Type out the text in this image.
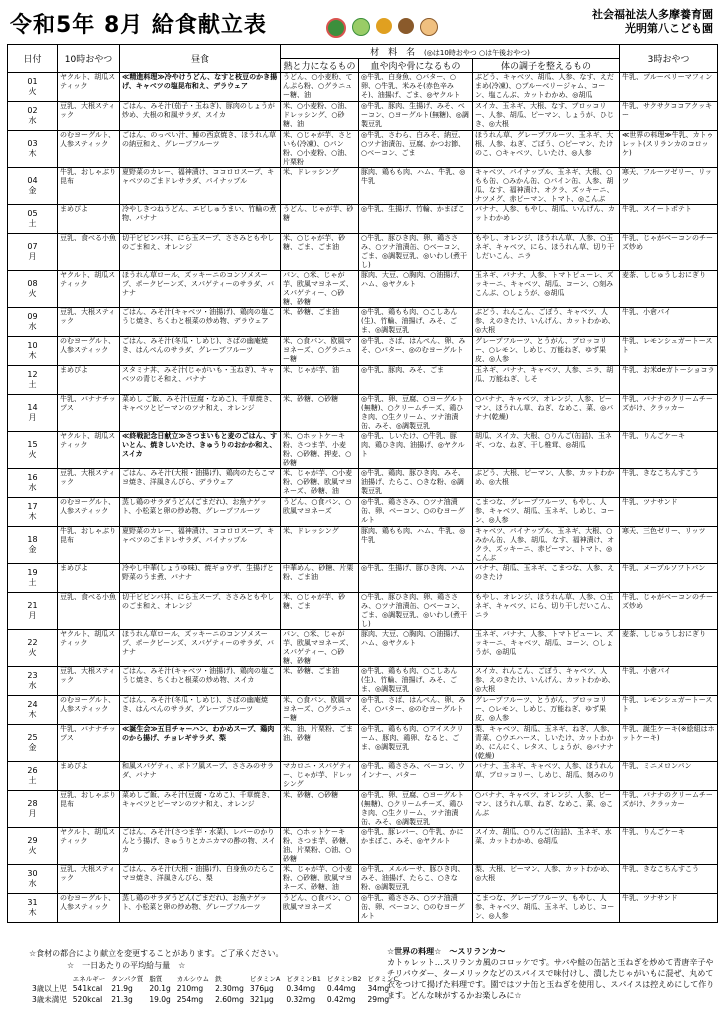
令和5年 8月 給食献立表	社会福祉法人多摩養育園
光明第八こども園
日付	10時おやつ	昼食	材　料　名 (◎は10時おやつ ○は午後おやつ)			3時おやつ
			熱と力になるもの	血や肉や骨になるもの	体の調子を整えるもの	

01
火	ヤクルト、胡瓜スティック	≪精進料理≫冷やけうどん、なすと枝豆のかき揚げ、キャベツの塩昆布和え、デラウェア	うどん、○小麦粉、てんぷら粉、○グラニュー糖、油	◎牛乳、白身魚、○バター、○卵、○牛乳、米みそ(赤色辛みそ)、油揚げ、ごま、◎ヤクルト	ぶどう、キャベツ、胡瓜、人参、なす、えだまめ(冷凍)、○ブルーベリージャム、コーン、塩こんぶ、カットわかめ、◎胡瓜	牛乳、ブルーベリーマフィン

02
水	豆乳、大根スティック	ごはん、みそ汁(茄子・玉ねぎ)、豚肉のしょうが炒め、大根の和風サラダ、スイカ	米、○小麦粉、○油、ドレッシング、○砂糖、油	◎牛乳、豚肉、生揚げ、みそ、ベーコン、○ヨーグルト(無糖)、◎調製豆乳	スイカ、玉ネギ、大根、なす、ブロッコリー、人参、胡瓜、ピーマン、しょうが、ひじき、◎大根	牛乳、サクサクココアクッキー

03
木	のむヨーグルト、人参スティック	ごはん、のっぺい汁、鰆の西京焼き、ほうれん草の納豆和え、グレープフルーツ	米、○じゃが芋、さといも(冷凍)、○パン粉、○小麦粉、○油、片栗粉	◎牛乳、さわら、白みそ、納豆、○ツナ油漬缶、豆腐、かつお節、○ベーコン、ごま	ほうれん草、グレープフルーツ、玉ネギ、大根、人参、ねぎ、ごぼう、○ピーマン、たけのこ、○キャベツ、しいたけ、◎人参	≪世界の料理≫牛乳、カトゥレット(スリランカのコロッケ)

04
金	牛乳、おしゃぶり昆布	夏野菜のカレー、福神漬け、ココロロスープ、キャベツのごまドレサラダ、パイナップル	米、ドレッシング	豚肉、鶏もも肉、ハム、牛乳、◎牛乳	キャベツ、パイナップル、玉ネギ、大根、○もも缶、○みかん缶、○パイン缶、人参、胡瓜、なす、福神漬け、オクラ、ズッキーニ、ナツメグ、赤ピーマン、トマト、◎こんぶ	寒天、フルーツゼリー、リッツ

05
土	まめぴよ	冷やしきつねうどん、エビしゅうまい、竹輪の煮物、バナナ	うどん、じゃが芋、砂糖	◎牛乳、生揚げ、竹輪、かまぼこ	バナナ、人参、もやし、胡瓜、いんげん、カットわかめ	牛乳、スイートポテト

07
月	豆乳、食べる小魚	切干ビビンバ丼、にら玉スープ、ささみともやしのごま和え、オレンジ	米、○じゃが芋、砂糖、ごま、ごま油	○牛乳、豚ひき肉、卵、鶏ささみ、○ツナ油漬缶、○ベーコン、ごま、◎調製豆乳、◎いわし(煮干し)	もやし、オレンジ、ほうれん草、人参、○玉ネギ、キャベツ、にら、ほうれん草、切り干しだいこん、ニラ	牛乳、じゃがベーコンのチーズ炒め

08
火	ヤクルト、胡瓜スティック	ほうれん草ロール、ズッキーニのコンソメスープ、ポークビーンズ、スパゲティーのサラダ、バナナ	パン、○米、じゃが芋、欧風マヨネーズ、スパゲティー、○砂糖、砂糖	豚肉、大豆、○胸肉、○油揚げ、ハム、◎ヤクルト	玉ネギ、バナナ、人参、トマトピューレ、ズッキーニ、キャベツ、胡瓜、コーン、○刻みこんぶ、○しょうが、◎胡瓜	麦茶、しじゅうしおにぎり

09
水	豆乳、大根スティック	ごはん、みそ汁(キャベツ・油揚げ)、鶏肉の塩こうじ焼き、ちくわと根菜の炒め物、デラウェア	米、砂糖、ごま油	◎牛乳、鶏もも肉、○こしあん(生)、竹輪、油揚げ、みそ、ごま、◎調製豆乳	ぶどう、れんこん、ごぼう、キャベツ、人参、えのきたけ、いんげん、カットわかめ、◎大根	牛乳、小倉パイ

10
木	のむヨーグルト、人参スティック	ごはん、みそ汁(冬瓜・しめじ)、さばの幽庵焼き、はんぺんのサラダ、グレープフルーツ	米、○食パン、欧風マヨネーズ、○グラニュー糖	◎牛乳、さば、はんぺん、卵、みそ、○バター、◎のむヨーグルト	グレープフルーツ、とうがん、ブロッコリー、○レモン、しめじ、万能ねぎ、ゆず果皮、◎人参	牛乳、レモンシュガートースト

12
土	まめぴよ	スタミナ丼、みそ汁(じゃがいも・玉ねぎ)、キャベツの青じそ和え、バナナ	米、じゃが芋、油	◎牛乳、豚肉、みそ、ごま	玉ネギ、バナナ、キャベツ、人参、ニラ、胡瓜、万能ねぎ、しそ	牛乳、お米deガトーショコラ

14
月	牛乳、バナナチップス	菜めし ご飯、みそ汁(豆腐・なめこ)、千草焼き、キャベツとピーマンのツナ和え、オレンジ	米、砂糖、○砂糖	◎牛乳、卵、豆腐、○ヨーグルト(無糖)、○クリームチーズ、鶏ひき肉、○生クリーム、ツナ油漬缶、みそ、◎調製豆乳	○バナナ、キャベツ、オレンジ、人参、ピーマン、ほうれん草、ねぎ、なめこ、菜、◎バナナ(乾燥)	牛乳、バナナのクリームチーズがけ、クラッカー

15
火	ヤクルト、胡瓜スティック	≪終戦記念日献立≫さつまいもと麦のごはん、すいとん、焼きしいたけ、きゅうりのおかか和え、スイカ	米、○ホットケーキ粉、さつま芋、小麦粉、○砂糖、押麦、○砂糖	◎牛乳、しいたけ、○牛乳、豚肉、鶏ひき肉、油揚げ、◎ヤクルト	胡瓜、スイカ、大根、○りんご(缶詰)、玉ネギ、つな、ねぎ、干し椎茸、◎胡瓜	牛乳、りんごケーキ

16
水	豆乳、大根スティック	ごはん、みそ汁(大根・油揚げ)、鶏肉のたらこマヨ焼き、洋風きんぴら、デラウェア	米、じゃが芋、○小麦粉、○砂糖、欧風マヨネーズ、砂糖、油	◎牛乳、鶏肉、豚ひき肉、みそ、油揚げ、たらこ、○きな粉、◎調製豆乳	ぶどう、大根、ピーマン、人参、カットわかめ、◎大根	牛乳、きなこちんすこう

17
木	のむヨーグルト、人参スティック	蒸し鶏のサラダうどん(ごまだれ)、お魚ナゲット、小松菜と卵の炒め物、グレープフルーツ	うどん、○食パン、○欧風マヨネーズ	◎牛乳、鶏ささみ、○ツナ油漬缶、卵、ベーコン、○のむヨーグルト	こまつな、グレープフルーツ、もやし、人参、キャベツ、胡瓜、玉ネギ、しめじ、コーン、◎人参	牛乳、ツナサンド

18
金	牛乳、おしゃぶり昆布	夏野菜のカレー、福神漬け、ココロロスープ、キャベツのごまドレサラダ、パイナップル	米、ドレッシング	豚肉、鶏もも肉、ハム、牛乳、◎牛乳	キャベツ、パイナップル、玉ネギ、大根、○みかん缶、人参、胡瓜、なす、福神漬け、オクラ、ズッキーニ、赤ピーマン、トマト、◎こんぶ	寒天、三色ゼリー、リッツ

19
土	まめぴよ	冷やし中華(しょうゆ味)、焼ギョウザ、生揚げと野菜のうま煮、バナナ	中華めん、砂糖、片栗粉、ごま油	◎牛乳、生揚げ、豚ひき肉、ハム	バナナ、胡瓜、玉ネギ、こまつな、人参、えのきたけ	牛乳、メープルソフトパン

21
月	豆乳、食べる小魚	切干ビビンバ丼、にら玉スープ、ささみともやしのごま和え、オレンジ	米、○じゃが芋、砂糖、ごま	○牛乳、豚ひき肉、卵、鶏ささみ、○ツナ油漬缶、○ベーコン、ごま、◎調製豆乳、◎いわし(煮干し)	もやし、オレンジ、ほうれん草、人参、○玉ネギ、キャベツ、にら、切り干しだいこん、ニラ	牛乳、じゃがベーコンのチーズ炒め

22
火	ヤクルト、胡瓜スティック	ほうれん草ロール、ズッキーニのコンソメスープ、ポークビーンズ、スパゲティーのサラダ、バナナ	パン、○米、じゃが芋、欧風マヨネーズ、スパゲティー、○砂糖、砂糖	豚肉、大豆、○胸肉、○油揚げ、ハム、◎ヤクルト	玉ネギ、バナナ、人参、トマトピューレ、ズッキーニ、キャベツ、胡瓜、コーン、○しょうが、◎胡瓜	麦茶、しじゅうしおにぎり

23
水	豆乳、大根スティック	ごはん、みそ汁(キャベツ・油揚げ)、鶏肉の塩こうじ焼き、ちくわと根菜の炒め物、スイカ	米、砂糖、ごま油	◎牛乳、鶏もも肉、○こしあん(生)、竹輪、油揚げ、みそ、ごま、◎調製豆乳	スイカ、れんこん、ごぼう、キャベツ、人参、えのきたけ、いんげん、カットわかめ、◎大根	牛乳、小倉パイ

24
木	のむヨーグルト、人参スティック	ごはん、みそ汁(冬瓜・しめじ)、さばの幽庵焼き、はんぺんのサラダ、グレープフルーツ	米、○食パン、欧風マヨネーズ、○グラニュー糖	◎牛乳、さば、はんぺん、卵、みそ、○バター、◎のむヨーグルト	グレープフルーツ、とうがん、ブロッコリー、○レモン、しめじ、万能ねぎ、ゆず果皮、◎人参	牛乳、レモンシュガートースト

25
金	牛乳、バナナチップス	≪誕生会≫五目チャーハン、わかめスープ、鶏肉のから揚げ、チョレギサラダ、梨	米、油、片栗粉、ごま油、砂糖	◎牛乳、鶏もも肉、○アイスクリーム、豚肉、鶏卵、なると、ごま、◎調製豆乳	梨、キャベツ、胡瓜、玉ネギ、ねぎ、人参、青菜、○ウエハース、しいたけ、カットわかめ、にんにく、レタス、しょうが、◎バナナ(乾燥)	牛乳、誕生ケーキ(※絵組はホットケーキ)

26
土	まめぴよ	和風スパゲティ、ポトフ風スープ、ささみのサラダ、バナナ	マカロニ・スパゲティー、じゃが芋、ドレッシング	◎牛乳、鶏ささみ、ベーコン、ウインナー、バター	バナナ、玉ネギ、キャベツ、人参、ほうれん草、ブロッコリー、しめじ、胡瓜、刻みのり	牛乳、ミニメロンパン

28
月	豆乳、おしゃぶり昆布	菜めしご飯、みそ汁(豆腐・なめこ)、千草焼き、キャベツとピーマンのツナ和え、オレンジ	米、砂糖、○砂糖	◎牛乳、卵、豆腐、○ヨーグルト(無糖)、○クリームチーズ、鶏ひき肉、○生クリーム、ツナ油漬缶、みそ、◎調製豆乳	○バナナ、キャベツ、オレンジ、人参、ピーマン、ほうれん草、ねぎ、なめこ、菜、◎こんぶ	牛乳、バナナのクリームチーズがけ、クラッカー

29
火	ヤクルト、胡瓜スティック	ごはん、みそ汁(さつま芋・水菜)、レバーのかりんとう揚げ、きゅうりとカニカマの酢の物、スイカ	米、○ホットケーキ粉、さつま芋、砂糖、油、片栗粉、○油、○砂糖	◎牛乳、豚レバー、○牛乳、かにかまぼこ、みそ、◎ヤクルト	スイカ、胡瓜、○りんご(缶詰)、玉ネギ、水菜、カットわかめ、◎胡瓜	牛乳、りんごケーキ

30
水	豆乳、大根スティック	ごはん、みそ汁(大根・油揚げ)、白身魚のたらこマヨ焼き、洋風きんぴら、梨	米、じゃが芋、○小麦粉、○砂糖、欧風マヨネーズ、砂糖、油	◎牛乳、メルルーサ、豚ひき肉、みそ、油揚げ、たらこ、○きな粉、◎調製豆乳	梨、大根、ピーマン、人参、カットわかめ、◎大根	牛乳、きなこちんすこう

31
木	のむヨーグルト、人参スティック	蒸し鶏のサラダうどん(ごまだれ)、お魚ナゲット、小松菜と卵の炒め物、グレープフルーツ	うどん、○食パン、○欧風マヨネーズ	◎牛乳、鶏ささみ、○ツナ油漬缶、卵、ベーコン、○のむヨーグルト	こまつな、グレープフルーツ、もやし、人参、キャベツ、胡瓜、玉ネギ、しめじ、コーン、◎人参	牛乳、ツナサンド
☆食材の都合により献立を変更することがあります。ご了承ください。
☆　一日あたりの平均給与量　☆
	エネルギー	タンパク質	脂質	カルシウム	鉄	ビタミンA	ビタミンB1	ビタミンB2	ビタミンC
3歳以上児	541kcal	21.9g	20.1g	210mg	2.30mg	376μg	0.34mg	0.44mg	34mg
3歳未満児	520kcal	21.3g	19.0g	254mg	2.60mg	321μg	0.32mg	0.42mg	29mg
☆世界の料理☆　～スリランカ～
カトゥレット…スリランカ風のコロッケです。サバや鮭の缶詰と玉ねぎを炒めて青唐辛子やチリパウダー、ターメリックなどのスパイスで味付けし、潰したじゃがいもに混ぜ、丸めて衣をつけて揚げた料理です。園ではツナ缶と玉ねぎを使用し、スパイスは控えめにして作ります。どんな味がするかお楽しみに☆
